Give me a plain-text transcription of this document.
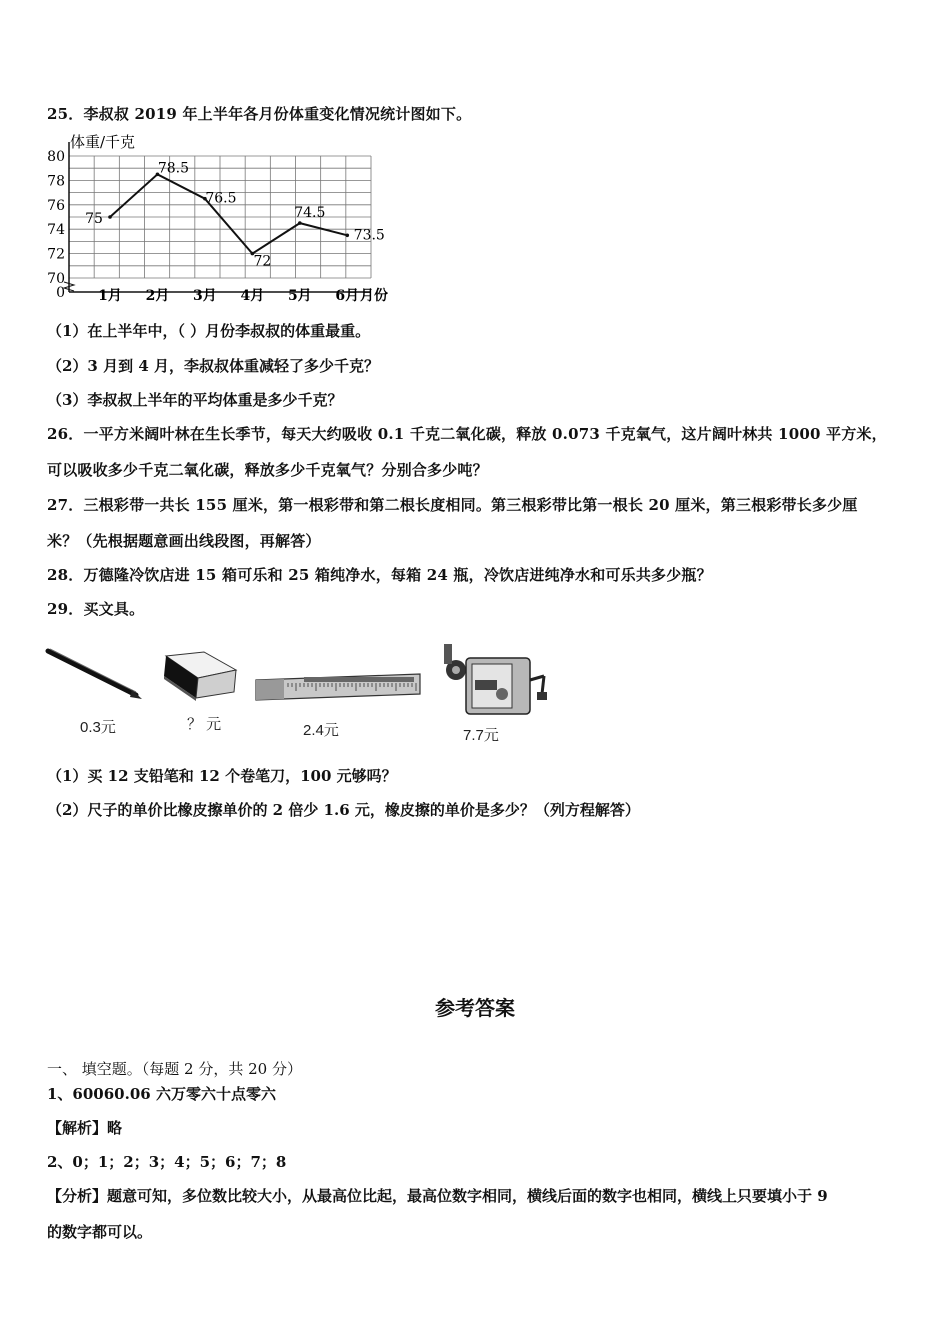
25．李叔叔 2019 年上半年各月份体重变化情况统计图如下。
0
70
72
74
76
78
80
1月 2月 3月 4月 5月 6月
75
78.5
76.5
72
74.5
73.5
体重/千克
月份
（1）在上半年中，（ ）月份李叔叔的体重最重。
（2）3 月到 4 月，李叔叔体重减轻了多少千克？
（3）李叔叔上半年的平均体重是多少千克？
26．一平方米阔叶林在生长季节，每天大约吸收 0.1 千克二氧化碳，释放 0.073 千克氧气，这片阔叶林共 1000 平方米，
可以吸收多少千克二氧化碳，释放多少千克氧气？分别合多少吨？
27．三根彩带一共长 155 厘米，第一根彩带和第二根长度相同。第三根彩带比第一根长 20 厘米，第三根彩带长多少厘
米？（先根据题意画出线段图，再解答）
28．万德隆冷饮店进 15 箱可乐和 25 箱纯净水，每箱 24 瓶，冷饮店进纯净水和可乐共多少瓶？
29．买文具。
0.3元	？ 元	2.4元	7.7元
（1）买 12 支铅笔和 12 个卷笔刀，100 元够吗？
（2）尺子的单价比橡皮擦单价的 2 倍少 1.6 元，橡皮擦的单价是多少？（列方程解答）
参考答案
一、 填空题。（每题 2 分，共 20 分）
1、60060.06 六万零六十点零六
【解析】略
2、0；1；2；3；4；5；6；7；8
【分析】题意可知，多位数比较大小，从最高位比起，最高位数字相同，横线后面的数字也相同，横线上只要填小于 9
的数字都可以。
